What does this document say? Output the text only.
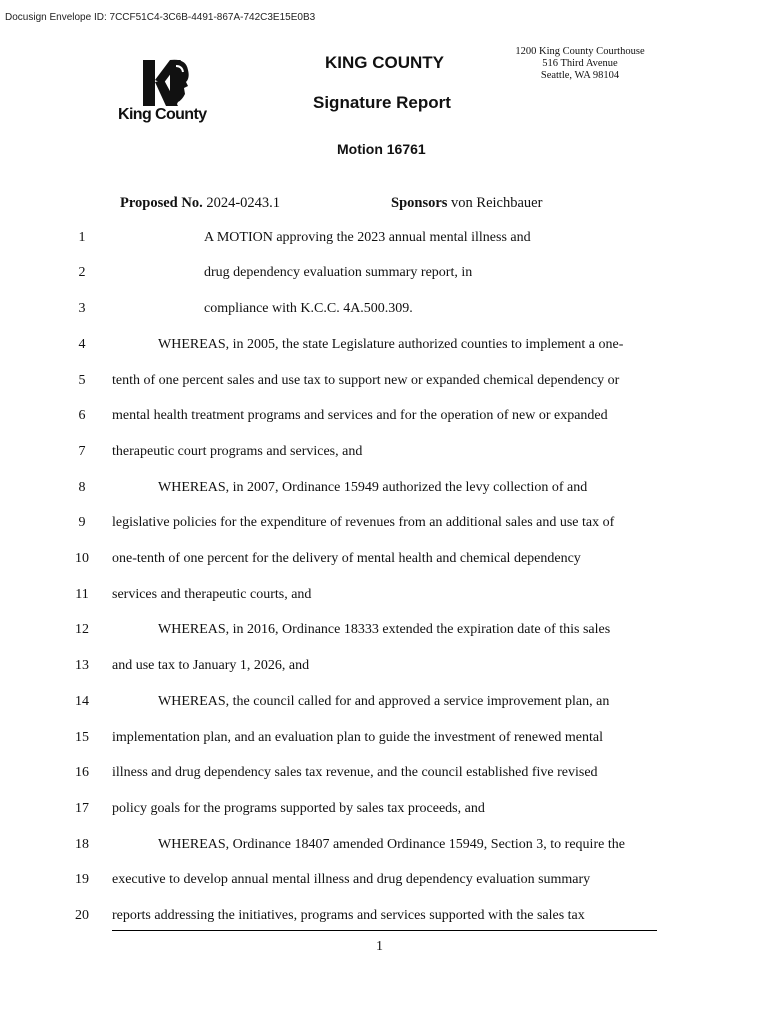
Docusign Envelope ID: 7CCF51C4-3C6B-4491-867A-742C3E15E0B3
King County
KING COUNTY
Signature Report
Motion 16761
1200 King County Courthouse
516 Third Avenue
Seattle, WA 98104
Proposed No. 2024-0243.1	Sponsors von Reichbauer
1	A MOTION approving the 2023 annual mental illness and
2	drug dependency evaluation summary report, in
3	compliance with K.C.C. 4A.500.309.
4	WHEREAS, in 2005, the state Legislature authorized counties to implement a one-
5	tenth of one percent sales and use tax to support new or expanded chemical dependency or
6	mental health treatment programs and services and for the operation of new or expanded
7	therapeutic court programs and services, and
8	WHEREAS, in 2007, Ordinance 15949 authorized the levy collection of and
9	legislative policies for the expenditure of revenues from an additional sales and use tax of
10	one-tenth of one percent for the delivery of mental health and chemical dependency
11	services and therapeutic courts, and
12	WHEREAS, in 2016, Ordinance 18333 extended the expiration date of this sales
13	and use tax to January 1, 2026, and
14	WHEREAS, the council called for and approved a service improvement plan, an
15	implementation plan, and an evaluation plan to guide the investment of renewed mental
16	illness and drug dependency sales tax revenue, and the council established five revised
17	policy goals for the programs supported by sales tax proceeds, and
18	WHEREAS, Ordinance 18407 amended Ordinance 15949, Section 3, to require the
19	executive to develop annual mental illness and drug dependency evaluation summary
20	reports addressing the initiatives, programs and services supported with the sales tax
1
